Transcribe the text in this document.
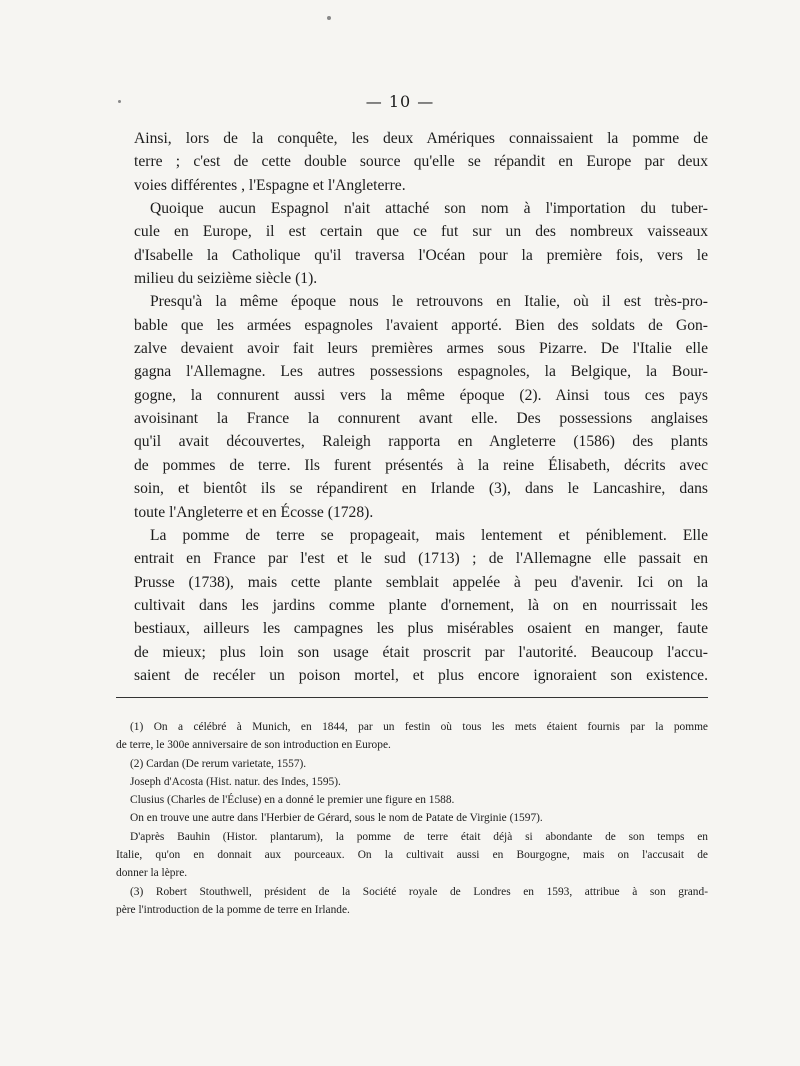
— 10 —
Ainsi, lors de la conquête, les deux Amériques connaissaient la pomme de
terre ; c'est de cette double source qu'elle se répandit en Europe par deux
voies différentes , l'Espagne et l'Angleterre.
Quoique aucun Espagnol n'ait attaché son nom à l'importation du tuber-
cule en Europe, il est certain que ce fut sur un des nombreux vaisseaux
d'Isabelle la Catholique qu'il traversa l'Océan pour la première fois, vers le
milieu du seizième siècle (1).
Presqu'à la même époque nous le retrouvons en Italie, où il est très-pro-
bable que les armées espagnoles l'avaient apporté. Bien des soldats de Gon-
zalve devaient avoir fait leurs premières armes sous Pizarre. De l'Italie elle
gagna l'Allemagne. Les autres possessions espagnoles, la Belgique, la Bour-
gogne, la connurent aussi vers la même époque (2). Ainsi tous ces pays
avoisinant la France la connurent avant elle. Des possessions anglaises
qu'il avait découvertes, Raleigh rapporta en Angleterre (1586) des plants
de pommes de terre. Ils furent présentés à la reine Élisabeth, décrits avec
soin, et bientôt ils se répandirent en Irlande (3), dans le Lancashire, dans
toute l'Angleterre et en Écosse (1728).
La pomme de terre se propageait, mais lentement et péniblement. Elle
entrait en France par l'est et le sud (1713) ; de l'Allemagne elle passait en
Prusse (1738), mais cette plante semblait appelée à peu d'avenir. Ici on la
cultivait dans les jardins comme plante d'ornement, là on en nourrissait les
bestiaux, ailleurs les campagnes les plus misérables osaient en manger, faute
de mieux; plus loin son usage était proscrit par l'autorité. Beaucoup l'accu-
saient de recéler un poison mortel, et plus encore ignoraient son existence.
(1) On a célébré à Munich, en 1844, par un festin où tous les mets étaient fournis par la pomme
de terre, le 300e anniversaire de son introduction en Europe.
(2) Cardan (De rerum varietate, 1557).
Joseph d'Acosta (Hist. natur. des Indes, 1595).
Clusius (Charles de l'Écluse) en a donné le premier une figure en 1588.
On en trouve une autre dans l'Herbier de Gérard, sous le nom de Patate de Virginie (1597).
D'après Bauhin (Histor. plantarum), la pomme de terre était déjà si abondante de son temps en
Italie, qu'on en donnait aux pourceaux. On la cultivait aussi en Bourgogne, mais on l'accusait de
donner la lèpre.
(3) Robert Stouthwell, président de la Société royale de Londres en 1593, attribue à son grand-
père l'introduction de la pomme de terre en Irlande.
